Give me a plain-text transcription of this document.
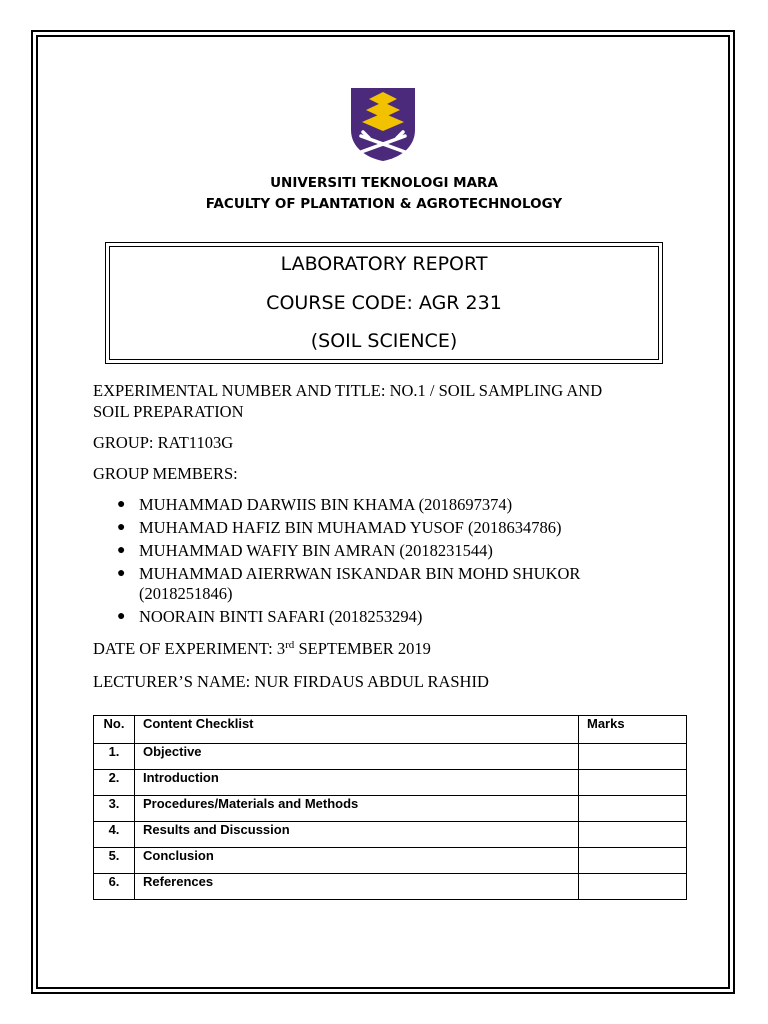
UNIVERSITI TEKNOLOGI MARA
FACULTY OF PLANTATION & AGROTECHNOLOGY
LABORATORY REPORT
COURSE CODE: AGR 231
(SOIL SCIENCE)
EXPERIMENTAL NUMBER AND TITLE: NO.1 / SOIL SAMPLING AND
SOIL PREPARATION
GROUP: RAT1103G
GROUP MEMBERS:
● MUHAMMAD DARWIIS BIN KHAMA (2018697374)
● MUHAMAD HAFIZ BIN MUHAMAD YUSOF (2018634786)
● MUHAMMAD WAFIY BIN AMRAN (2018231544)
● MUHAMMAD AIERRWAN ISKANDAR BIN MOHD SHUKOR
(2018251846)
● NOORAIN BINTI SAFARI (2018253294)
DATE OF EXPERIMENT: 3rd SEPTEMBER 2019
LECTURER’S NAME: NUR FIRDAUS ABDUL RASHID
No.	Content Checklist	Marks
1.	Objective	
2.	Introduction	
3.	Procedures/Materials and Methods	
4.	Results and Discussion	
5.	Conclusion	
6.	References	
